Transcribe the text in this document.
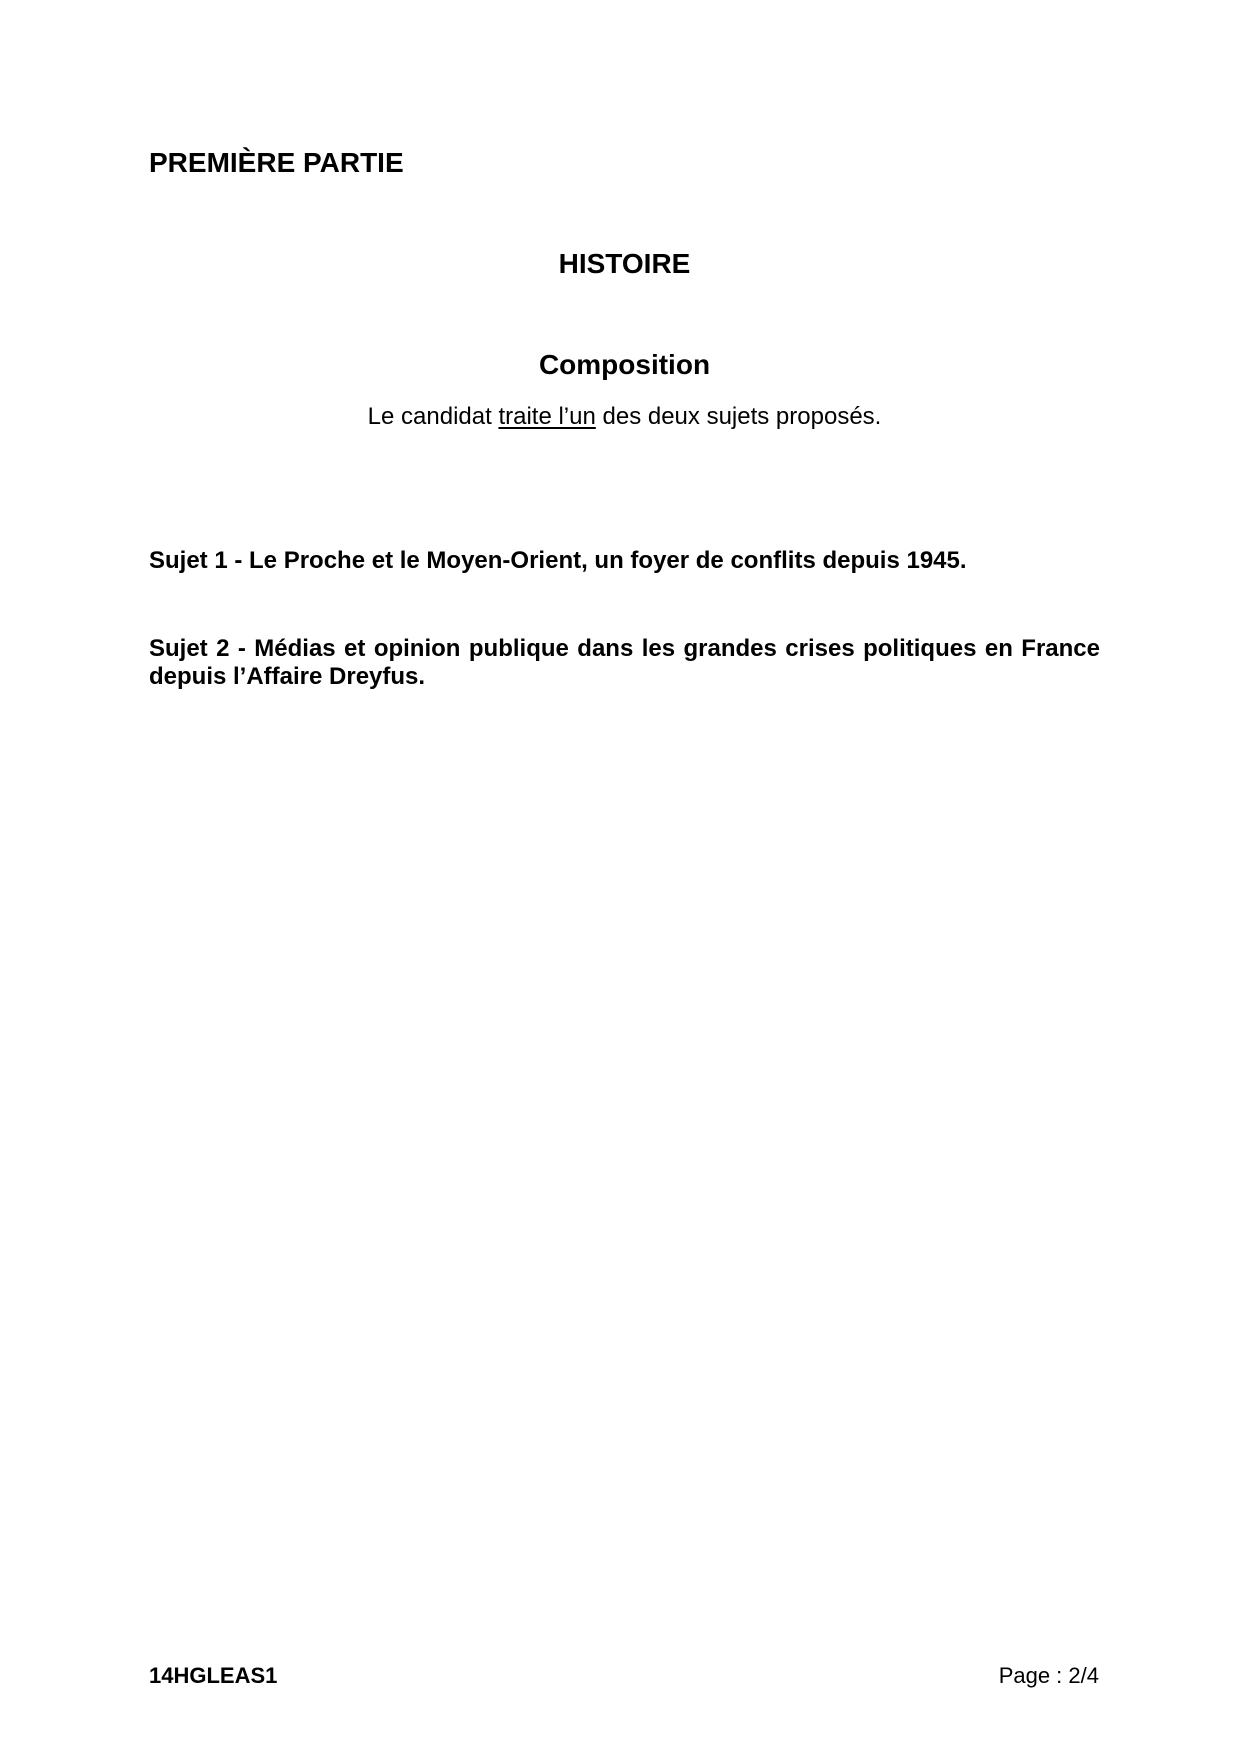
PREMIÈRE PARTIE
HISTOIRE
Composition

Le candidat traite l’un des deux sujets proposés.

Sujet 1 - Le Proche et le Moyen-Orient, un foyer de conflits depuis 1945.

Sujet 2 - Médias et opinion publique dans les grandes crises politiques en France depuis l’Affaire Dreyfus.

14HGLEAS1	Page : 2/4
